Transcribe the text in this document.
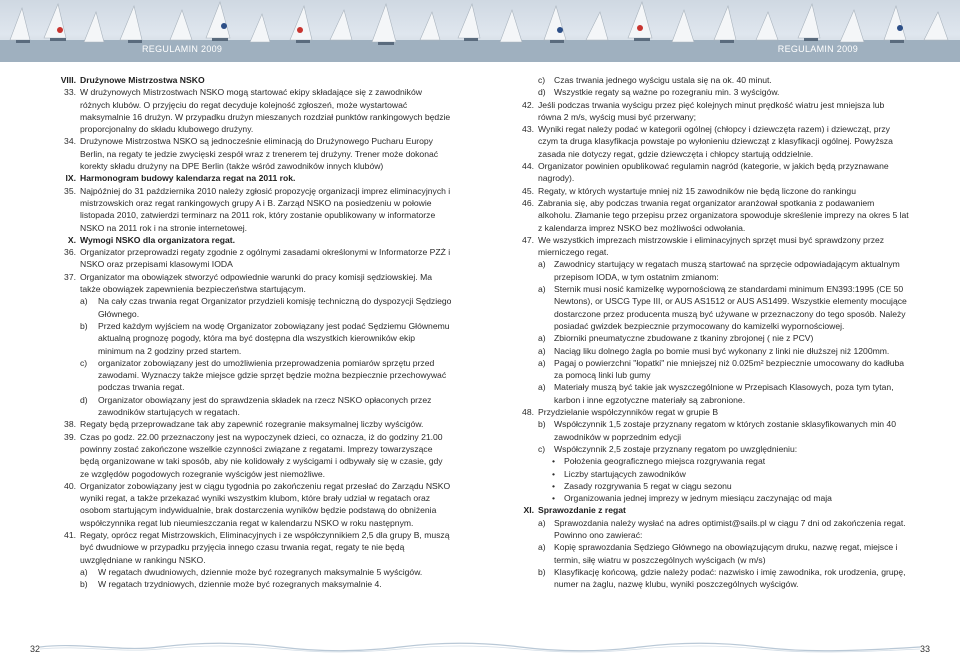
REGULAMIN 2009	REGULAMIN 2009
VIII. Drużynowe Mistrzostwa NSKO
33. W drużynowych Mistrzostwach NSKO mogą startować ekipy składające się z zawodników różnych klubów. O przyjęciu do regat decyduje kolejność zgłoszeń, może wystartować maksymalnie 16 drużyn. W przypadku drużyn mieszanych rozdział punktów rankingowych będzie proporcjonalny do składu klubowego drużyny.
34. Drużynowe Mistrzostwa NSKO są jednocześnie eliminacją do Drużynowego Pucharu Europy Berlin, na regaty te jedzie zwycięski zespół wraz z trenerem tej drużyny. Trener może dokonać korekty składu drużyny na DPE Berlin (także wśród zawodników innych klubów)
IX. Harmonogram budowy kalendarza regat na 2011 rok.
35. Najpóźniej do 31 października 2010 należy zgłosić propozycję organizacji imprez eliminacyjnych i mistrzowskich oraz regat rankingowych grupy A i B. Zarząd NSKO na posiedzeniu w połowie listopada 2010, zatwierdzi terminarz na 2011 rok, który zostanie opublikowany w informatorze NSKO na 2011 rok i na stronie internetowej.
X. Wymogi NSKO dla organizatora regat.
36. Organizator przeprowadzi regaty zgodnie z ogólnymi zasadami określonymi w Informatorze PZŻ i NSKO oraz przepisami klasowymi IODA
37. Organizator ma obowiązek stworzyć odpowiednie warunki do pracy komisji sędziowskiej. Ma także obowiązek zapewnienia bezpieczeństwa startującym.
a)	Na cały czas trwania regat Organizator przydzieli komisję techniczną do dyspozycji Sędziego Głównego.
b)	Przed każdym wyjściem na wodę Organizator zobowiązany jest podać Sędziemu Głównemu aktualną prognozę pogody, która ma być dostępna dla wszystkich kierowników ekip minimum na 2 godziny przed startem.
c)	organizator zobowiązany jest do umożliwienia przeprowadzenia pomiarów sprzętu przed zawodami. Wyznaczy także miejsce gdzie sprzęt będzie można bezpiecznie przechowywać podczas trwania regat.
d)	Organizator obowiązany jest do sprawdzenia składek na rzecz NSKO opłaconych przez zawodników startujących w regatach.
38. Regaty będą przeprowadzane tak aby zapewnić rozegranie maksymalnej liczby wyścigów.
39. Czas po godz. 22.00 przeznaczony jest na wypoczynek dzieci, co oznacza, iż do godziny 21.00 powinny zostać zakończone wszelkie czynności związane z regatami. Imprezy towarzyszące będą organizowane w taki sposób, aby nie kolidowały z wyścigami i odbywały się w czasie, gdy ze względów pogodowych rozegranie wyścigów jest niemożliwe.
40. Organizator zobowiązany jest w ciągu tygodnia po zakończeniu regat przesłać do Zarządu NSKO wyniki regat, a także przekazać wyniki wszystkim klubom, które brały udział w regatach oraz osobom startującym indywidualnie, brak dostarczenia wyników będzie podstawą do obniżenia współczynnika regat lub nieumieszczania regat w kalendarzu NSKO w roku następnym.
41. Regaty, oprócz regat Mistrzowskich, Eliminacyjnych i ze współczynnikiem 2,5 dla grupy B, muszą być dwudniowe w przypadku przyjęcia innego czasu trwania regat, regaty te nie będą uwzględniane w rankingu NSKO.
a)	W regatach dwudniowych, dziennie może być rozegranych maksymalnie 5 wyścigów.
b)	W regatach trzydniowych, dziennie może być rozegranych maksymalnie 4.
c)	Czas trwania jednego wyścigu ustala się na ok. 40 minut.
d) Wszystkie regaty są ważne po rozegraniu min. 3 wyścigów.
42. Jeśli podczas trwania wyścigu przez pięć kolejnych minut prędkość wiatru jest mniejsza lub równa 2 m/s, wyścig musi być przerwany;
43. Wyniki regat należy podać w kategorii ogólnej (chłopcy i dziewczęta razem) i dziewcząt, przy czym ta druga klasyfikacja powstaje po wyłonieniu dziewcząt z klasyfikacji ogólnej. Powyższa zasada nie dotyczy regat, gdzie dziewczęta i chłopcy startują oddzielnie.
44. Organizator powinien opublikować regulamin nagród (kategorie, w jakich będą przyznawane nagrody).
45. Regaty, w których wystartuje mniej niż 15 zawodników nie będą liczone do rankingu
46. Zabrania się, aby podczas trwania regat organizator aranżował spotkania z podawaniem alkoholu. Złamanie tego przepisu przez organizatora spowoduje skreślenie imprezy na okres 5 lat z kalendarza imprez NSKO bez możliwości odwołania.
47. We wszystkich imprezach mistrzowskie i eliminacyjnych sprzęt musi być sprawdzony przez mierniczego regat.
a) Zawodnicy startujący w regatach muszą startować na sprzęcie odpowiadającym aktualnym przepisom IODA, w tym ostatnim zmianom:
a) Sternik musi nosić kamizelkę wypornościową ze standardami minimum EN393:1995 (CE 50 Newtons), or USCG Type III, or AUS AS1512 or AUS AS1499. Wszystkie elementy mocujące dostarczone przez producenta muszą być używane w przeznaczony do tego sposób. Należy posiadać gwizdek bezpiecznie przymocowany do kamizelki wypornościowej.
a) Zbiorniki pneumatyczne zbudowane z tkaniny zbrojonej ( nie z PCV)
a) Naciąg liku dolnego żagla po bomie musi być wykonany z linki nie dłuższej niż 1200mm.
a) Pagaj o powierzchni "łopatki" nie mniejszej niż 0.025m² bezpiecznie umocowany do kadłuba za pomocą linki lub gumy
a) Materiały muszą być takie jak wyszczególnione w Przepisach Klasowych, poza tym tytan, karbon i inne egzotyczne materiały są zabronione.
48. Przydzielanie współczynników regat w grupie B
b) Współczynnik 1,5 zostaje przyznany regatom w których zostanie sklasyfikowanych min 40 zawodników w poprzednim edycji
c)	Współczynnik 2,5 zostaje przyznany regatom po uwzględnieniu:
•	Położenia geograficznego miejsca rozgrywania regat
•	Liczby startujących zawodników
•	Zasady rozgrywania 5 regat w ciągu sezonu
•	Organizowania jednej imprezy w jednym miesiącu zaczynając od maja
XI. Sprawozdanie z regat
a) Sprawozdania należy wysłać na adres optimist@sails.pl w ciągu 7 dni od zakończenia regat. Powinno ono zawierać:
a) Kopię sprawozdania Sędziego Głównego na obowiązującym druku, nazwę regat, miejsce i termin, siłę wiatru w poszczególnych wyścigach (w m/s)
b) Klasyfikację końcową, gdzie należy podać: nazwisko i imię zawodnika, rok urodzenia, grupę, numer na żaglu, nazwę klubu, wyniki poszczególnych wyścigów.
32	33
